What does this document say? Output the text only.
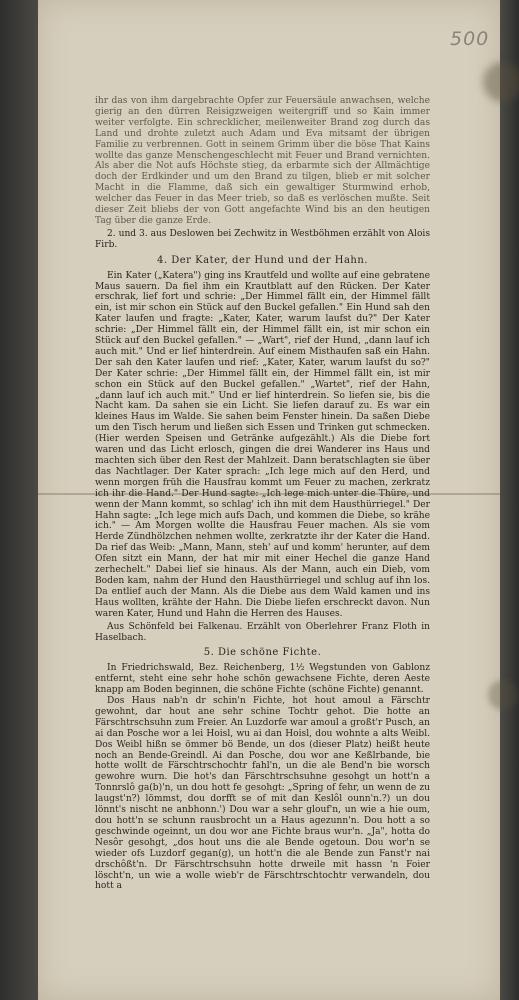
500

ihr das von ihm dargebrachte Opfer zur Feuersäule anwachsen, welche gierig an den dürren Reisigzweigen weitergriff und so Kain immer weiter verfolgte. Ein schrecklicher, meilenweiter Brand zog durch das Land und drohte zuletzt auch Adam und Eva mitsamt der übrigen Familie zu verbrennen. Gott in seinem Grimm über die böse That Kains wollte das ganze Menschengeschlecht mit Feuer und Brand vernichten. Als aber die Not aufs Höchste stieg, da erbarmte sich der Allmächtige doch der Erdkinder und um den Brand zu tilgen, blieb er mit solcher Macht in die Flamme, daß sich ein gewaltiger Sturmwind erhob, welcher das Feuer in das Meer trieb, so daß es verlöschen mußte. Seit dieser Zeit bliebs der von Gott angefachte Wind bis an den heutigen Tag über die ganze Erde.

2. und 3. aus Deslowen bei Zechwitz in Westböhmen erzählt von Alois Firb.

4. Der Kater, der Hund und der Hahn.

Ein Kater („Katera") ging ins Krautfeld und wollte auf eine gebratene Maus sauern. Da fiel ihm ein Krautblatt auf den Rücken. Der Kater erschrak, lief fort und schrie: „Der Himmel fällt ein, der Himmel fällt ein, ist mir schon ein Stück auf den Buckel gefallen." Ein Hund sah den Kater laufen und fragte: „Kater, Kater, warum laufst du?" Der Kater schrie: „Der Himmel fällt ein, der Himmel fällt ein, ist mir schon ein Stück auf den Buckel gefallen." — „Wart", rief der Hund, „dann lauf ich auch mit." Und er lief hinterdrein. Auf einem Misthaufen saß ein Hahn. Der sah den Kater laufen und rief: „Kater, Kater, warum laufst du so?" Der Kater schrie: „Der Himmel fällt ein, der Himmel fällt ein, ist mir schon ein Stück auf den Buckel gefallen." „Wartet", rief der Hahn, „dann lauf ich auch mit." Und er lief hinterdrein. So liefen sie, bis die Nacht kam. Da sahen sie ein Licht. Sie liefen darauf zu. Es war ein kleines Haus im Walde. Sie sahen beim Fenster hinein. Da saßen Diebe um den Tisch herum und ließen sich Essen und Trinken gut schmecken. (Hier werden Speisen und Getränke aufgezählt.) Als die Diebe fort waren und das Licht erlosch, gingen die drei Wanderer ins Haus und machten sich über den Rest der Mahlzeit. Dann beratschlagten sie über das Nachtlager. Der Kater sprach: „Ich lege mich auf den Herd, und wenn morgen früh die Hausfrau kommt um Feuer zu machen, zerkratz ich ihr die Hand." Der Hund sagte: „Ich lege mich unter die Thüre, und wenn der Mann kommt, so schlag' ich ihn mit dem Hausthürriegel." Der Hahn sagte: „Ich lege mich aufs Dach, und kommen die Diebe, so krähe ich." — Am Morgen wollte die Hausfrau Feuer machen. Als sie vom Herde Zündhölzchen nehmen wollte, zerkratzte ihr der Kater die Hand. Da rief das Weib: „Mann, Mann, steh' auf und komm' herunter, auf dem Ofen sitzt ein Mann, der hat mir mit einer Hechel die ganze Hand zerhechelt." Dabei lief sie hinaus. Als der Mann, auch ein Dieb, vom Boden kam, nahm der Hund den Hausthürriegel und schlug auf ihn los. Da entlief auch der Mann. Als die Diebe aus dem Wald kamen und ins Haus wollten, krähte der Hahn. Die Diebe liefen erschreckt davon. Nun waren Kater, Hund und Hahn die Herren des Hauses.

Aus Schönfeld bei Falkenau. Erzählt von Oberlehrer Franz Floth in Haselbach.

5. Die schöne Fichte.

In Friedrichswald, Bez. Reichenberg, 1½ Wegstunden von Gablonz entfernt, steht eine sehr hohe schön gewachsene Fichte, deren Aeste knapp am Boden beginnen, die schöne Fichte (schöne Fichte) genannt.

Dos Haus nab'n dr schin'n Fichte, hot hout amoul a Färschtr gewohnt, dar hout ane sehr schine Tochtr gehot. Die hotte an Färschtrschsuhn zum Freier. An Luzdorfe war amoul a großt'r Pusch, an ai dan Posche wor a lei Hoisl, wu ai dan Hoisl, dou wohnte a alts Weibl. Dos Weibl hißn se ömmer bö Bende, un dos (dieser Platz) heißt heute noch an Bende-Greindl. Ai dan Posche, dou wor ane Keßlrbande, bie hotte wollt de Färschtrschochtr fahl'n, un die ale Bend'n bie worsch gewohre wurn. Die hot's dan Färschtrschsuhne gesohgt un hott'n a Tonnrslô ga(b)'n, un dou hott fe gesohgt: „Spring of fehr, un wenn de zu laugst'n?) lömmst, dou dorfft se of mit dan Keslôl ounn'n.?) un dou lönnt's nischt ne anbhonn.') Dou war a sehr glouf'n, un wie a hie oum, dou hott'n se schunn rausbrocht un a Haus agezunn'n. Dou hott a so geschwinde ogeinnt, un dou wor ane Fichte braus wur'n. „Ja", hotta do Nesôr gesohgt, „dos hout uns die ale Bende ogetoun. Dou wor'n se wieder ofs Luzdorf gegan(g), un hott'n die ale Bende zun Fanst'r nai drschôßt'n. Dr Färschtrschsuhn hotte drweile mit hassn 'n Foier löscht'n, un wie a wolle wieb'r de Färschtrschtochtr verwandeln, dou hott a
